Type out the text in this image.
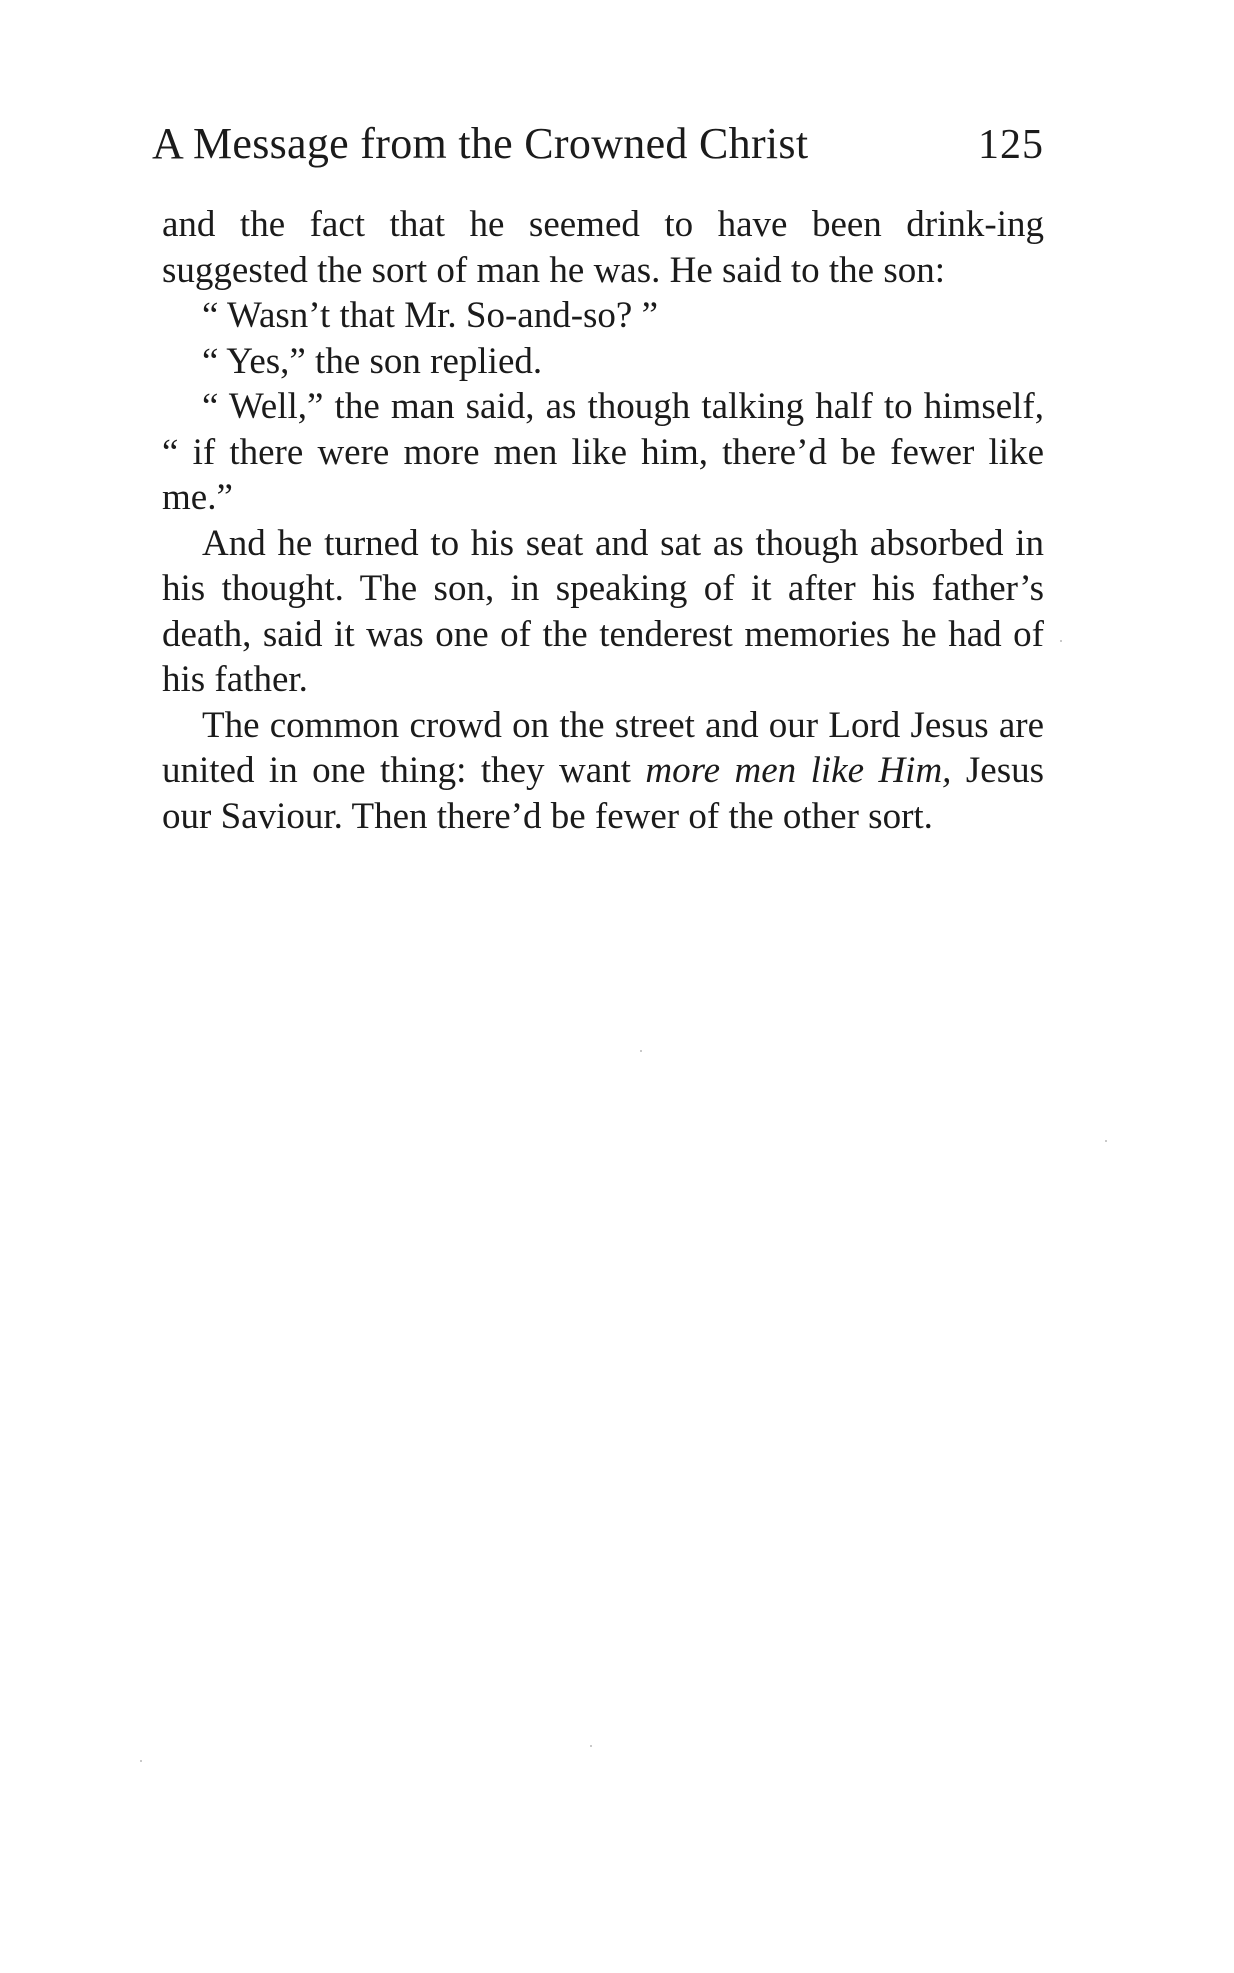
A Message from the Crowned Christ	125

and the fact that he seemed to have been drink-ing suggested the sort of man he was. He said to the son:

“ Wasn’t that Mr. So-and-so? ”

“ Yes,” the son replied.

“ Well,” the man said, as though talking half to himself, “ if there were more men like him, there’d be fewer like me.”

And he turned to his seat and sat as though absorbed in his thought. The son, in speaking of it after his father’s death, said it was one of the tenderest memories he had of his father.

The common crowd on the street and our Lord Jesus are united in one thing: they want more men like Him, Jesus our Saviour. Then there’d be fewer of the other sort.
